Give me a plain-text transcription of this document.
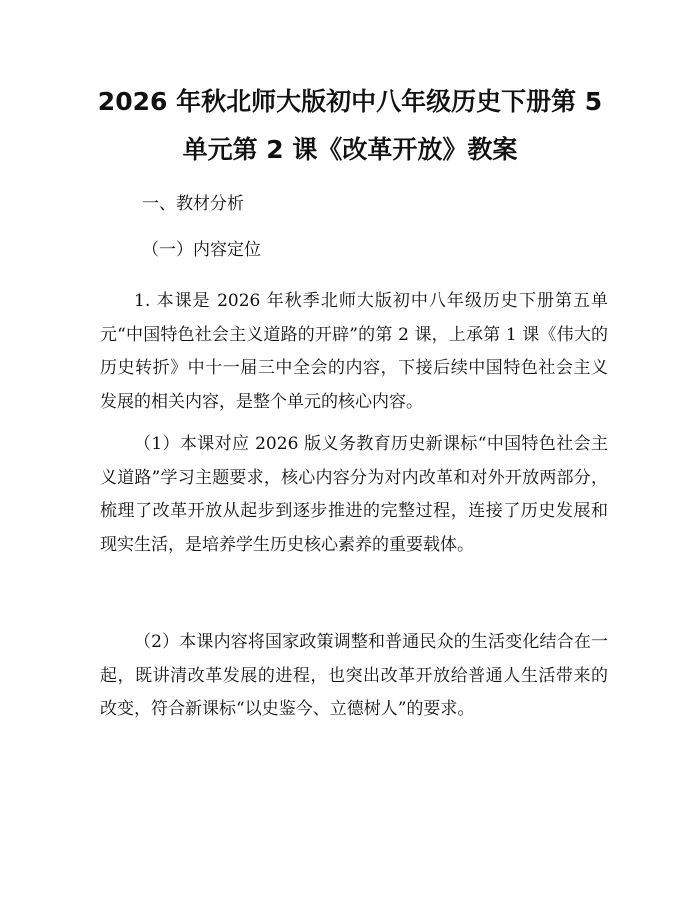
2026 年秋北师大版初中八年级历史下册第 5
单元第 2 课《改革开放》教案
一、教材分析
（一）内容定位

1. 本课是 2026 年秋季北师大版初中八年级历史下册第五单元“中国特色社会主义道路的开辟”的第 2 课，上承第 1 课《伟大的历史转折》中十一届三中全会的内容，下接后续中国特色社会主义发展的相关内容，是整个单元的核心内容。

（1）本课对应 2026 版义务教育历史新课标“中国特色社会主义道路”学习主题要求，核心内容分为对内改革和对外开放两部分，梳理了改革开放从起步到逐步推进的完整过程，连接了历史发展和现实生活，是培养学生历史核心素养的重要载体。

（2）本课内容将国家政策调整和普通民众的生活变化结合在一起，既讲清改革发展的进程，也突出改革开放给普通人生活带来的改变，符合新课标“以史鉴今、立德树人”的要求。
